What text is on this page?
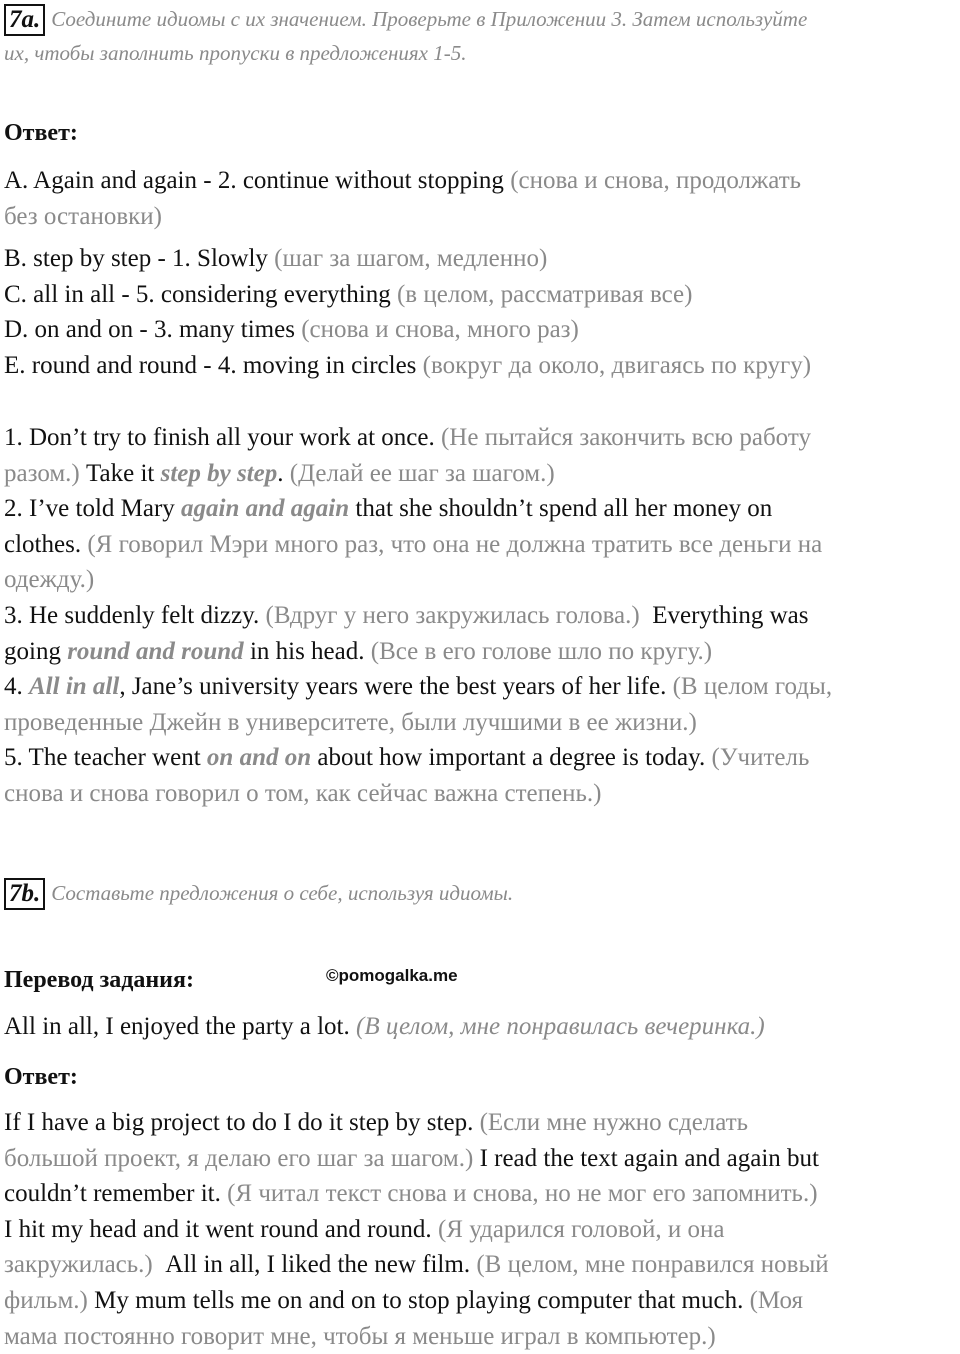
7a. Соедините идиомы с их значением. Проверьте в Приложении 3. Затем используйте
их, чтобы заполнить пропуски в предложениях 1-5.
Ответ:
A. Again and again - 2. continue without stopping (снова и снова, продолжать
без остановки)
B. step by step - 1. Slowly (шаг за шагом, медленно)
C. all in all - 5. considering everything (в целом, рассматривая все)
D. on and on - 3. many times (снова и снова, много раз)
E. round and round - 4. moving in circles (вокруг да около, двигаясь по кругу)
1. Don’t try to finish all your work at once. (Не пытайся закончить всю работу
разом.) Take it step by step. (Делай ее шаг за шагом.)
2. I’ve told Mary again and again that she shouldn’t spend all her money on
clothes. (Я говорил Мэри много раз, что она не должна тратить все деньги на
одежду.)
3. He suddenly felt dizzy. (Вдруг у него закружилась голова.)  Everything was
going round and round in his head. (Все в его голове шло по кругу.)
4. All in all, Jane’s university years were the best years of her life. (В целом годы,
проведенные Джейн в университете, были лучшими в ее жизни.)
5. The teacher went on and on about how important a degree is today. (Учитель
снова и снова говорил о том, как сейчас важна степень.)
7b. Составьте предложения о себе, используя идиомы.
Перевод задания:	©pomogalka.me
All in all, I enjoyed the party a lot. (В целом, мне понравилась вечеринка.)
Ответ:
If I have a big project to do I do it step by step. (Если мне нужно сделать
большой проект, я делаю его шаг за шагом.) I read the text again and again but
couldn’t remember it. (Я читал текст снова и снова, но не мог его запомнить.)
I hit my head and it went round and round. (Я ударился головой, и она
закружилась.)  All in all, I liked the new film. (В целом, мне понравился новый
фильм.) My mum tells me on and on to stop playing computer that much. (Моя
мама постоянно говорит мне, чтобы я меньше играл в компьютер.)
